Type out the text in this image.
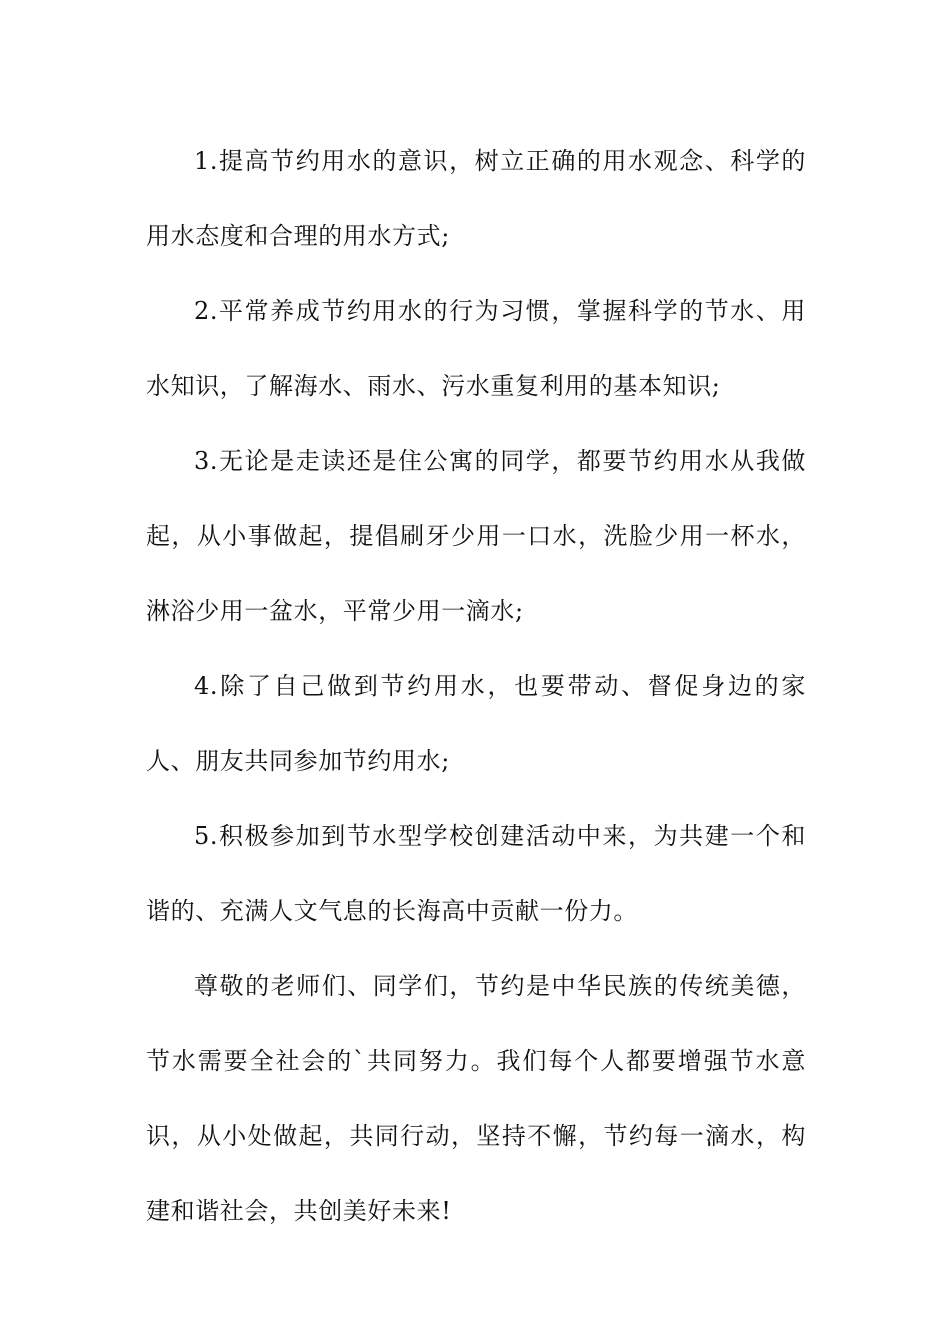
1.提高节约用水的意识，树立正确的用水观念、科学的用水态度和合理的用水方式;

2.平常养成节约用水的行为习惯，掌握科学的节水、用水知识，了解海水、雨水、污水重复利用的基本知识;

3.无论是走读还是住公寓的同学，都要节约用水从我做起，从小事做起，提倡刷牙少用一口水，洗脸少用一杯水，淋浴少用一盆水，平常少用一滴水;

4.除了自己做到节约用水，也要带动、督促身边的家人、朋友共同参加节约用水;

5.积极参加到节水型学校创建活动中来，为共建一个和谐的、充满人文气息的长海高中贡献一份力。

尊敬的老师们、同学们，节约是中华民族的传统美德，节水需要全社会的`共同努力。我们每个人都要增强节水意识，从小处做起，共同行动，坚持不懈，节约每一滴水，构建和谐社会，共创美好未来!
